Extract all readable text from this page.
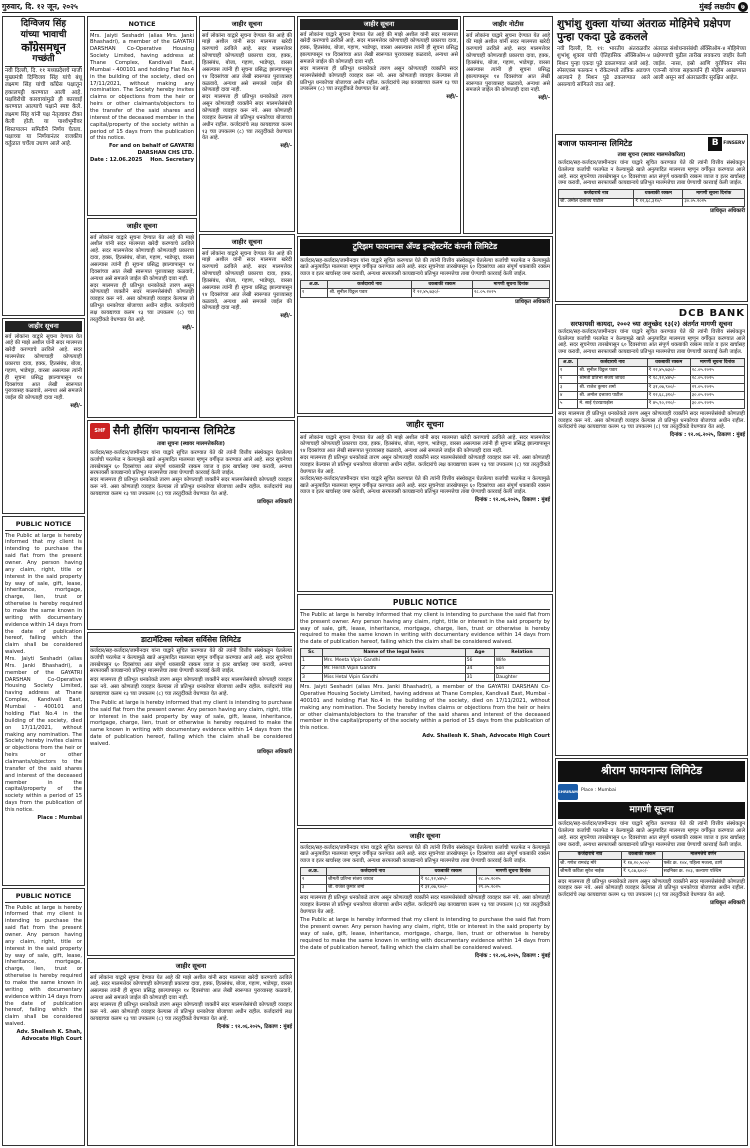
गुरुवार, दि. १२ जून, २०२५	मुंबई लक्षदीप ७
दिग्विजय सिंह
यांच्या भावाची
काँग्रेसमधून
गच्छंती
नवी दिल्ली, दि. ११ मध्यप्रदेशचे माजी मुख्यमंत्री दिग्विजय सिंह यांचे बंधू लक्ष्मण सिंह यांची काँग्रेस पक्षातून हकालपट्टी करण्यात आली आहे. पक्षविरोधी कारवायांमुळे ही कारवाई करण्यात आल्याचे पक्षाने स्पष्ट केले. लक्ष्मण सिंह यांनी पक्ष नेतृत्वावर टीका केली होती. या पार्श्वभूमीवर शिस्तपालन समितीने निर्णय घेतला. पक्षाच्या या निर्णयानंतर राजकीय वर्तुळात चर्चेला उधाण आले आहे.
जाहीर सूचना
सर्व लोकांना याद्वारे सूचना देण्यात येत आहे की माझे अशील यांनी सदर मालमत्ता खरेदी करण्याचे ठरविले आहे. सदर मालमत्तेवर कोणाचाही कोणत्याही प्रकारचा दावा, हक्क, हितसंबंध, बोजा, गहाण, भाडेपट्टा, वारसा असल्यास त्यांनी ही सूचना प्रसिद्ध झाल्यापासून १४ दिवसांच्या आत लेखी स्वरूपात पुराव्यासह कळवावे, अन्यथा असे समजले जाईल की कोणताही दावा नाही.
सही/-
PUBLIC NOTICE
The Public at large is hereby informed that my client is intending to purchase the said flat from the present owner. Any person having any claim, right, title or interest in the said property by way of sale, gift, lease, inheritance, mortgage, charge, lien, trust or otherwise is hereby required to make the same known in writing with documentary evidence within 14 days from the date of publication hereof, failing which the claim shall be considered waived.
Mrs. Jaiyti Seshadri (alias Mrs. Janki Bhashadri), a member of the GAYATRI DARSHAN Co-Operative Housing Society Limited, having address at Thane Complex, Kandivali East, Mumbai - 400101 and holding Flat No.4 in the building of the society, died on 17/11/2021, without making any nomination. The Society hereby invites claims or objections from the heir or heirs or other claimants/objectors to the transfer of the said shares and interest of the deceased member in the capital/property of the society within a period of 15 days from the publication of this notice.
Place : Mumbai
PUBLIC NOTICE
The Public at large is hereby informed that my client is intending to purchase the said flat from the present owner. Any person having any claim, right, title or interest in the said property by way of sale, gift, lease, inheritance, mortgage, charge, lien, trust or otherwise is hereby required to make the same known in writing with documentary evidence within 14 days from the date of publication hereof, failing which the claim shall be considered waived.
Adv. Shailesh K. Shah, Advocate High Court
NOTICE
Mrs. Jaiyti Seshadri (alias Mrs. Janki Bhashadri), a member of the GAYATRI DARSHAN Co-Operative Housing Society Limited, having address at Thane Complex, Kandivali East, Mumbai - 400101 and holding Flat No.4 in the building of the society, died on 17/11/2021, without making any nomination. The Society hereby invites claims or objections from the heir or heirs or other claimants/objectors to the transfer of the said shares and interest of the deceased member in the capital/property of the society within a period of 15 days from the publication of this notice.
For and on behalf of GAYATRI DARSHAN CHS LTD.
Date : 12.06.2025 Hon. Secretary
जाहीर सूचना
सर्व लोकांना याद्वारे सूचना देण्यात येत आहे की माझे अशील यांनी सदर मालमत्ता खरेदी करण्याचे ठरविले आहे. सदर मालमत्तेवर कोणाचाही कोणत्याही प्रकारचा दावा, हक्क, हितसंबंध, बोजा, गहाण, भाडेपट्टा, वारसा असल्यास त्यांनी ही सूचना प्रसिद्ध झाल्यापासून १४ दिवसांच्या आत लेखी स्वरूपात पुराव्यासह कळवावे, अन्यथा असे समजले जाईल की कोणताही दावा नाही.
सदर मालमत्ता ही प्रतिभूत धनकोकडे तारण असून कोणत्याही व्यक्तीने सदर मालमत्तेसंबंधी कोणताही व्यवहार करू नये. असा कोणताही व्यवहार केल्यास तो प्रतिभूत धनकोच्या बोजाच्या अधीन राहील. कर्जदारांचे लक्ष कायद्याच्या कलम १३ च्या उपकलम (८) च्या तरतुदींकडे वेधण्यात येत आहे.
सही/-
SHF सैनी हौसिंग फायनान्स लिमिटेड
ताबा सूचना (स्थावर मालमत्तेकरिता)
कर्जदार/सह-कर्जदार/जामीनदार यांना याद्वारे सूचित करण्यात येते की त्यांनी वित्तीय संस्थेकडून घेतलेल्या कर्जाची परतफेड न केल्यामुळे खाते अनुत्पादित मालमत्ता म्हणून वर्गीकृत करण्यात आले आहे. सदर सूचनेच्या तारखेपासून ६० दिवसांच्या आत संपूर्ण थकबाकी रक्कम व्याज व इतर खर्चासह जमा करावी, अन्यथा सरफायसी कायद्यान्वये प्रतिभूत मालमत्तेचा ताबा घेण्याची कारवाई केली जाईल.
सदर मालमत्ता ही प्रतिभूत धनकोकडे तारण असून कोणत्याही व्यक्तीने सदर मालमत्तेसंबंधी कोणताही व्यवहार करू नये. असा कोणताही व्यवहार केल्यास तो प्रतिभूत धनकोच्या बोजाच्या अधीन राहील. कर्जदारांचे लक्ष कायद्याच्या कलम १३ च्या उपकलम (८) च्या तरतुदींकडे वेधण्यात येत आहे.
प्राधिकृत अधिकारी
डाटामॅटिक्स ग्लोबल सर्विसेस लिमिटेड
कर्जदार/सह-कर्जदार/जामीनदार यांना याद्वारे सूचित करण्यात येते की त्यांनी वित्तीय संस्थेकडून घेतलेल्या कर्जाची परतफेड न केल्यामुळे खाते अनुत्पादित मालमत्ता म्हणून वर्गीकृत करण्यात आले आहे. सदर सूचनेच्या तारखेपासून ६० दिवसांच्या आत संपूर्ण थकबाकी रक्कम व्याज व इतर खर्चासह जमा करावी, अन्यथा सरफायसी कायद्यान्वये प्रतिभूत मालमत्तेचा ताबा घेण्याची कारवाई केली जाईल.
सदर मालमत्ता ही प्रतिभूत धनकोकडे तारण असून कोणत्याही व्यक्तीने सदर मालमत्तेसंबंधी कोणताही व्यवहार करू नये. असा कोणताही व्यवहार केल्यास तो प्रतिभूत धनकोच्या बोजाच्या अधीन राहील. कर्जदारांचे लक्ष कायद्याच्या कलम १३ च्या उपकलम (८) च्या तरतुदींकडे वेधण्यात येत आहे.
The Public at large is hereby informed that my client is intending to purchase the said flat from the present owner. Any person having any claim, right, title or interest in the said property by way of sale, gift, lease, inheritance, mortgage, charge, lien, trust or otherwise is hereby required to make the same known in writing with documentary evidence within 14 days from the date of publication hereof, failing which the claim shall be considered waived.
प्राधिकृत अधिकारी
जाहीर सूचना
सर्व लोकांना याद्वारे सूचना देण्यात येत आहे की माझे अशील यांनी सदर मालमत्ता खरेदी करण्याचे ठरविले आहे. सदर मालमत्तेवर कोणाचाही कोणत्याही प्रकारचा दावा, हक्क, हितसंबंध, बोजा, गहाण, भाडेपट्टा, वारसा असल्यास त्यांनी ही सूचना प्रसिद्ध झाल्यापासून १४ दिवसांच्या आत लेखी स्वरूपात पुराव्यासह कळवावे, अन्यथा असे समजले जाईल की कोणताही दावा नाही.
सदर मालमत्ता ही प्रतिभूत धनकोकडे तारण असून कोणत्याही व्यक्तीने सदर मालमत्तेसंबंधी कोणताही व्यवहार करू नये. असा कोणताही व्यवहार केल्यास तो प्रतिभूत धनकोच्या बोजाच्या अधीन राहील. कर्जदारांचे लक्ष कायद्याच्या कलम १३ च्या उपकलम (८) च्या तरतुदींकडे वेधण्यात येत आहे.
दिनांक : १२.०६.२०२५, ठिकाण : मुंबई
जाहीर सूचना
सर्व लोकांना याद्वारे सूचना देण्यात येत आहे की माझे अशील यांनी सदर मालमत्ता खरेदी करण्याचे ठरविले आहे. सदर मालमत्तेवर कोणाचाही कोणत्याही प्रकारचा दावा, हक्क, हितसंबंध, बोजा, गहाण, भाडेपट्टा, वारसा असल्यास त्यांनी ही सूचना प्रसिद्ध झाल्यापासून १४ दिवसांच्या आत लेखी स्वरूपात पुराव्यासह कळवावे, अन्यथा असे समजले जाईल की कोणताही दावा नाही.
सदर मालमत्ता ही प्रतिभूत धनकोकडे तारण असून कोणत्याही व्यक्तीने सदर मालमत्तेसंबंधी कोणताही व्यवहार करू नये. असा कोणताही व्यवहार केल्यास तो प्रतिभूत धनकोच्या बोजाच्या अधीन राहील. कर्जदारांचे लक्ष कायद्याच्या कलम १३ च्या उपकलम (८) च्या तरतुदींकडे वेधण्यात येत आहे.
सही/-
जाहीर सूचना
सर्व लोकांना याद्वारे सूचना देण्यात येत आहे की माझे अशील यांनी सदर मालमत्ता खरेदी करण्याचे ठरविले आहे. सदर मालमत्तेवर कोणाचाही कोणत्याही प्रकारचा दावा, हक्क, हितसंबंध, बोजा, गहाण, भाडेपट्टा, वारसा असल्यास त्यांनी ही सूचना प्रसिद्ध झाल्यापासून १४ दिवसांच्या आत लेखी स्वरूपात पुराव्यासह कळवावे, अन्यथा असे समजले जाईल की कोणताही दावा नाही.
सही/-
जाहीर सूचना
सर्व लोकांना याद्वारे सूचना देण्यात येत आहे की माझे अशील यांनी सदर मालमत्ता खरेदी करण्याचे ठरविले आहे. सदर मालमत्तेवर कोणाचाही कोणत्याही प्रकारचा दावा, हक्क, हितसंबंध, बोजा, गहाण, भाडेपट्टा, वारसा असल्यास त्यांनी ही सूचना प्रसिद्ध झाल्यापासून १४ दिवसांच्या आत लेखी स्वरूपात पुराव्यासह कळवावे, अन्यथा असे समजले जाईल की कोणताही दावा नाही.
सदर मालमत्ता ही प्रतिभूत धनकोकडे तारण असून कोणत्याही व्यक्तीने सदर मालमत्तेसंबंधी कोणताही व्यवहार करू नये. असा कोणताही व्यवहार केल्यास तो प्रतिभूत धनकोच्या बोजाच्या अधीन राहील. कर्जदारांचे लक्ष कायद्याच्या कलम १३ च्या उपकलम (८) च्या तरतुदींकडे वेधण्यात येत आहे.
सही/-
जाहीर नोटीस
सर्व लोकांना याद्वारे सूचना देण्यात येत आहे की माझे अशील यांनी सदर मालमत्ता खरेदी करण्याचे ठरविले आहे. सदर मालमत्तेवर कोणाचाही कोणत्याही प्रकारचा दावा, हक्क, हितसंबंध, बोजा, गहाण, भाडेपट्टा, वारसा असल्यास त्यांनी ही सूचना प्रसिद्ध झाल्यापासून १४ दिवसांच्या आत लेखी स्वरूपात पुराव्यासह कळवावे, अन्यथा असे समजले जाईल की कोणताही दावा नाही.
सही/-
टुरिझम फायनान्स अ‍ॅण्ड इन्व्हेस्टमेंट कंपनी लिमिटेड
कर्जदार/सह-कर्जदार/जामीनदार यांना याद्वारे सूचित करण्यात येते की त्यांनी वित्तीय संस्थेकडून घेतलेल्या कर्जाची परतफेड न केल्यामुळे खाते अनुत्पादित मालमत्ता म्हणून वर्गीकृत करण्यात आले आहे. सदर सूचनेच्या तारखेपासून ६० दिवसांच्या आत संपूर्ण थकबाकी रक्कम व्याज व इतर खर्चासह जमा करावी, अन्यथा सरफायसी कायद्यान्वये प्रतिभूत मालमत्तेचा ताबा घेण्याची कारवाई केली जाईल.
अ.क्र.	कर्जदाराचे नाव	थकबाकी रक्कम	मागणी सूचना दिनांक
१	श्री. सुनील विठ्ठल पवार	₹ २२,४५,७३०/-	२८.०५.२०२५
प्राधिकृत अधिकारी
जाहीर सूचना
सर्व लोकांना याद्वारे सूचना देण्यात येत आहे की माझे अशील यांनी सदर मालमत्ता खरेदी करण्याचे ठरविले आहे. सदर मालमत्तेवर कोणाचाही कोणत्याही प्रकारचा दावा, हक्क, हितसंबंध, बोजा, गहाण, भाडेपट्टा, वारसा असल्यास त्यांनी ही सूचना प्रसिद्ध झाल्यापासून १४ दिवसांच्या आत लेखी स्वरूपात पुराव्यासह कळवावे, अन्यथा असे समजले जाईल की कोणताही दावा नाही.
सदर मालमत्ता ही प्रतिभूत धनकोकडे तारण असून कोणत्याही व्यक्तीने सदर मालमत्तेसंबंधी कोणताही व्यवहार करू नये. असा कोणताही व्यवहार केल्यास तो प्रतिभूत धनकोच्या बोजाच्या अधीन राहील. कर्जदारांचे लक्ष कायद्याच्या कलम १३ च्या उपकलम (८) च्या तरतुदींकडे वेधण्यात येत आहे.
कर्जदार/सह-कर्जदार/जामीनदार यांना याद्वारे सूचित करण्यात येते की त्यांनी वित्तीय संस्थेकडून घेतलेल्या कर्जाची परतफेड न केल्यामुळे खाते अनुत्पादित मालमत्ता म्हणून वर्गीकृत करण्यात आले आहे. सदर सूचनेच्या तारखेपासून ६० दिवसांच्या आत संपूर्ण थकबाकी रक्कम व्याज व इतर खर्चासह जमा करावी, अन्यथा सरफायसी कायद्यान्वये प्रतिभूत मालमत्तेचा ताबा घेण्याची कारवाई केली जाईल.
दिनांक : १२.०६.२०२५, ठिकाण : मुंबई
PUBLIC NOTICE
The Public at large is hereby informed that my client is intending to purchase the said flat from the present owner. Any person having any claim, right, title or interest in the said property by way of sale, gift, lease, inheritance, mortgage, charge, lien, trust or otherwise is hereby required to make the same known in writing with documentary evidence within 14 days from the date of publication hereof, failing which the claim shall be considered waived.
Sr.	Name of the legal heirs	Age	Relation
1	Mrs. Meeta Vipin Gandhi	56	Wife
2	Mr. Hersh Vipin Gandhi	34	Son
3	Miss Hetal Vipin Gandhi	31	Daughter
Mrs. Jaiyti Seshadri (alias Mrs. Janki Bhashadri), a member of the GAYATRI DARSHAN Co-Operative Housing Society Limited, having address at Thane Complex, Kandivali East, Mumbai - 400101 and holding Flat No.4 in the building of the society, died on 17/11/2021, without making any nomination. The Society hereby invites claims or objections from the heir or heirs or other claimants/objectors to the transfer of the said shares and interest of the deceased member in the capital/property of the society within a period of 15 days from the publication of this notice.
Adv. Shailesh K. Shah, Advocate High Court
जाहीर सूचना
कर्जदार/सह-कर्जदार/जामीनदार यांना याद्वारे सूचित करण्यात येते की त्यांनी वित्तीय संस्थेकडून घेतलेल्या कर्जाची परतफेड न केल्यामुळे खाते अनुत्पादित मालमत्ता म्हणून वर्गीकृत करण्यात आले आहे. सदर सूचनेच्या तारखेपासून ६० दिवसांच्या आत संपूर्ण थकबाकी रक्कम व्याज व इतर खर्चासह जमा करावी, अन्यथा सरफायसी कायद्यान्वये प्रतिभूत मालमत्तेचा ताबा घेण्याची कारवाई केली जाईल.
अ.क्र.	कर्जदाराचे नाव	थकबाकी रक्कम	मागणी सूचना दिनांक
२	श्रीमती प्रतिभा संजय जाधव	₹ १८,१२,४४५/-	२८.०५.२०२५
३	श्री. राजेश कुमार शर्मा	₹ ३१,०७,९००/-	२९.०५.२०२५
सदर मालमत्ता ही प्रतिभूत धनकोकडे तारण असून कोणत्याही व्यक्तीने सदर मालमत्तेसंबंधी कोणताही व्यवहार करू नये. असा कोणताही व्यवहार केल्यास तो प्रतिभूत धनकोच्या बोजाच्या अधीन राहील. कर्जदारांचे लक्ष कायद्याच्या कलम १३ च्या उपकलम (८) च्या तरतुदींकडे वेधण्यात येत आहे.
The Public at large is hereby informed that my client is intending to purchase the said flat from the present owner. Any person having any claim, right, title or interest in the said property by way of sale, gift, lease, inheritance, mortgage, charge, lien, trust or otherwise is hereby required to make the same known in writing with documentary evidence within 14 days from the date of publication hereof, failing which the claim shall be considered waived.
दिनांक : १२.०६.२०२५, ठिकाण : मुंबई
शुभांशु शुक्ला यांच्या अंतराळ मोहिमेचे प्रक्षेपण पुन्हा एकदा पुढे ढकलले
नवी दिल्ली, दि. ११: भारतीय अंतराळवीर शुभांशु शुक्ला यांची ऐतिहासिक अ‍ॅक्सिओम-४ मिशन पुन्हा एकदा पुढे ढकलण्यात आले आहे. स्पेसएक्स फाल्कन ९ रॉकेटमध्ये तांत्रिक अडचण आल्याने हे मिशन पुढे ढकलण्यात आले असल्याचे सांगितले जात आहे.
अंतराळ संशोधनासंबंधी अ‍ॅक्सिओम-४ मोहिमेच्या प्रक्षेपणाची पुढील तारीख लवकरच जाहीर केली जाईल. नासा, इस्रो आणि युरोपियन स्पेस एजन्सी यांच्या सहकार्याने ही मोहीम आखण्यात आली असून सर्व अंतराळवीर सुरक्षित आहेत.
बजाज फायनान्स लिमिटेड	B	FINSERV
ताबा सूचना (स्थावर मालमत्तेकरिता)
कर्जदार/सह-कर्जदार/जामीनदार यांना याद्वारे सूचित करण्यात येते की त्यांनी वित्तीय संस्थेकडून घेतलेल्या कर्जाची परतफेड न केल्यामुळे खाते अनुत्पादित मालमत्ता म्हणून वर्गीकृत करण्यात आले आहे. सदर सूचनेच्या तारखेपासून ६० दिवसांच्या आत संपूर्ण थकबाकी रक्कम व्याज व इतर खर्चासह जमा करावी, अन्यथा सरफायसी कायद्यान्वये प्रतिभूत मालमत्तेचा ताबा घेण्याची कारवाई केली जाईल.
कर्जदाराचे नाव	थकबाकी रक्कम	मागणी सूचना दिनांक
श्री. अमोल दत्तात्रय पाटील	₹ १२,६८,३१०/-	३०.०५.२०२५
प्राधिकृत अधिकारी
DCB BANK
सरफायसी कायदा, २००२ च्या अनुच्छेद १३(२) अंतर्गत मागणी सूचना
कर्जदार/सह-कर्जदार/जामीनदार यांना याद्वारे सूचित करण्यात येते की त्यांनी वित्तीय संस्थेकडून घेतलेल्या कर्जाची परतफेड न केल्यामुळे खाते अनुत्पादित मालमत्ता म्हणून वर्गीकृत करण्यात आले आहे. सदर सूचनेच्या तारखेपासून ६० दिवसांच्या आत संपूर्ण थकबाकी रक्कम व्याज व इतर खर्चासह जमा करावी, अन्यथा सरफायसी कायद्यान्वये प्रतिभूत मालमत्तेचा ताबा घेण्याची कारवाई केली जाईल.
अ.क्र.	कर्जदाराचे नाव	थकबाकी रक्कम	मागणी सूचना दिनांक
१	श्री. सुनील विठ्ठल पवार	₹ २२,४५,७३०/-	२८.०५.२०२५
२	श्रीमती प्रतिभा संजय जाधव	₹ १८,१२,४४५/-	२८.०५.२०२५
३	श्री. राजेश कुमार शर्मा	₹ ३१,०७,९००/-	२९.०५.२०२५
४	श्री. अमोल दत्तात्रय पाटील	₹ १२,६८,३१०/-	३०.०५.२०२५
५	मे. साई एंटरप्रायझेस	₹ ४५,९०,२२०/-	३०.०५.२०२५
सदर मालमत्ता ही प्रतिभूत धनकोकडे तारण असून कोणत्याही व्यक्तीने सदर मालमत्तेसंबंधी कोणताही व्यवहार करू नये. असा कोणताही व्यवहार केल्यास तो प्रतिभूत धनकोच्या बोजाच्या अधीन राहील. कर्जदारांचे लक्ष कायद्याच्या कलम १३ च्या उपकलम (८) च्या तरतुदींकडे वेधण्यात येत आहे.
दिनांक : १२.०६.२०२५, ठिकाण : मुंबई
श्रीराम फायनान्स लिमिटेड
SHRIRAM Place : Mumbai
मागणी सूचना
कर्जदार/सह-कर्जदार/जामीनदार यांना याद्वारे सूचित करण्यात येते की त्यांनी वित्तीय संस्थेकडून घेतलेल्या कर्जाची परतफेड न केल्यामुळे खाते अनुत्पादित मालमत्ता म्हणून वर्गीकृत करण्यात आले आहे. सदर सूचनेच्या तारखेपासून ६० दिवसांच्या आत संपूर्ण थकबाकी रक्कम व्याज व इतर खर्चासह जमा करावी, अन्यथा सरफायसी कायद्यान्वये प्रतिभूत मालमत्तेचा ताबा घेण्याची कारवाई केली जाईल.
कर्जदाराचे नाव	थकबाकी रक्कम	मालमत्तेचे वर्णन
श्री. गणेश रामचंद्र मोरे	₹ १४,२०,५००/-	फ्लॅट क्र. १०४, पहिला मजला, ठाणे
श्रीमती कविता सुरेश नाईक	₹ ९,८७,६००/-	सदनिका क्र. २०३, कल्याण पश्चिम
सदर मालमत्ता ही प्रतिभूत धनकोकडे तारण असून कोणत्याही व्यक्तीने सदर मालमत्तेसंबंधी कोणताही व्यवहार करू नये. असा कोणताही व्यवहार केल्यास तो प्रतिभूत धनकोच्या बोजाच्या अधीन राहील. कर्जदारांचे लक्ष कायद्याच्या कलम १३ च्या उपकलम (८) च्या तरतुदींकडे वेधण्यात येत आहे.
प्राधिकृत अधिकारी
